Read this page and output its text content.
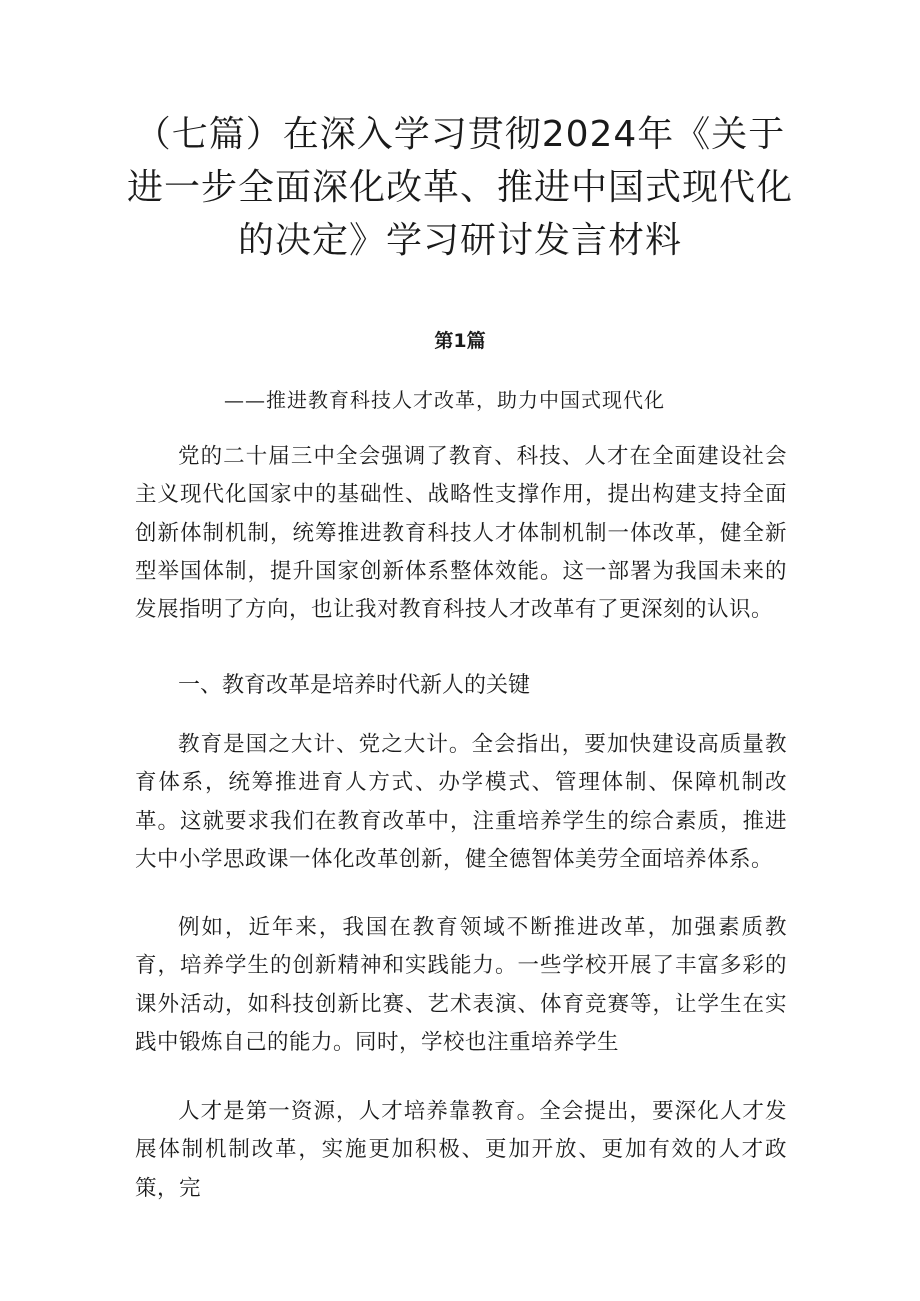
（七篇）在深入学习贯彻2024年《关于进一步全面深化改革、推进中国式现代化的决定》学习研讨发言材料
第1篇

——推进教育科技人才改革，助力中国式现代化

党的二十届三中全会强调了教育、科技、人才在全面建设社会主义现代化国家中的基础性、战略性支撑作用，提出构建支持全面创新体制机制，统筹推进教育科技人才体制机制一体改革，健全新型举国体制，提升国家创新体系整体效能。这一部署为我国未来的发展指明了方向，也让我对教育科技人才改革有了更深刻的认识。

一、教育改革是培养时代新人的关键

教育是国之大计、党之大计。全会指出，要加快建设高质量教育体系，统筹推进育人方式、办学模式、管理体制、保障机制改革。这就要求我们在教育改革中，注重培养学生的综合素质，推进大中小学思政课一体化改革创新，健全德智体美劳全面培养体系。

例如，近年来，我国在教育领域不断推进改革，加强素质教育，培养学生的创新精神和实践能力。一些学校开展了丰富多彩的课外活动，如科技创新比赛、艺术表演、体育竞赛等，让学生在实践中锻炼自己的能力。同时，学校也注重培养学生

人才是第一资源，人才培养靠教育。全会提出，要深化人才发展体制机制改革，实施更加积极、更加开放、更加有效的人才政策，完
